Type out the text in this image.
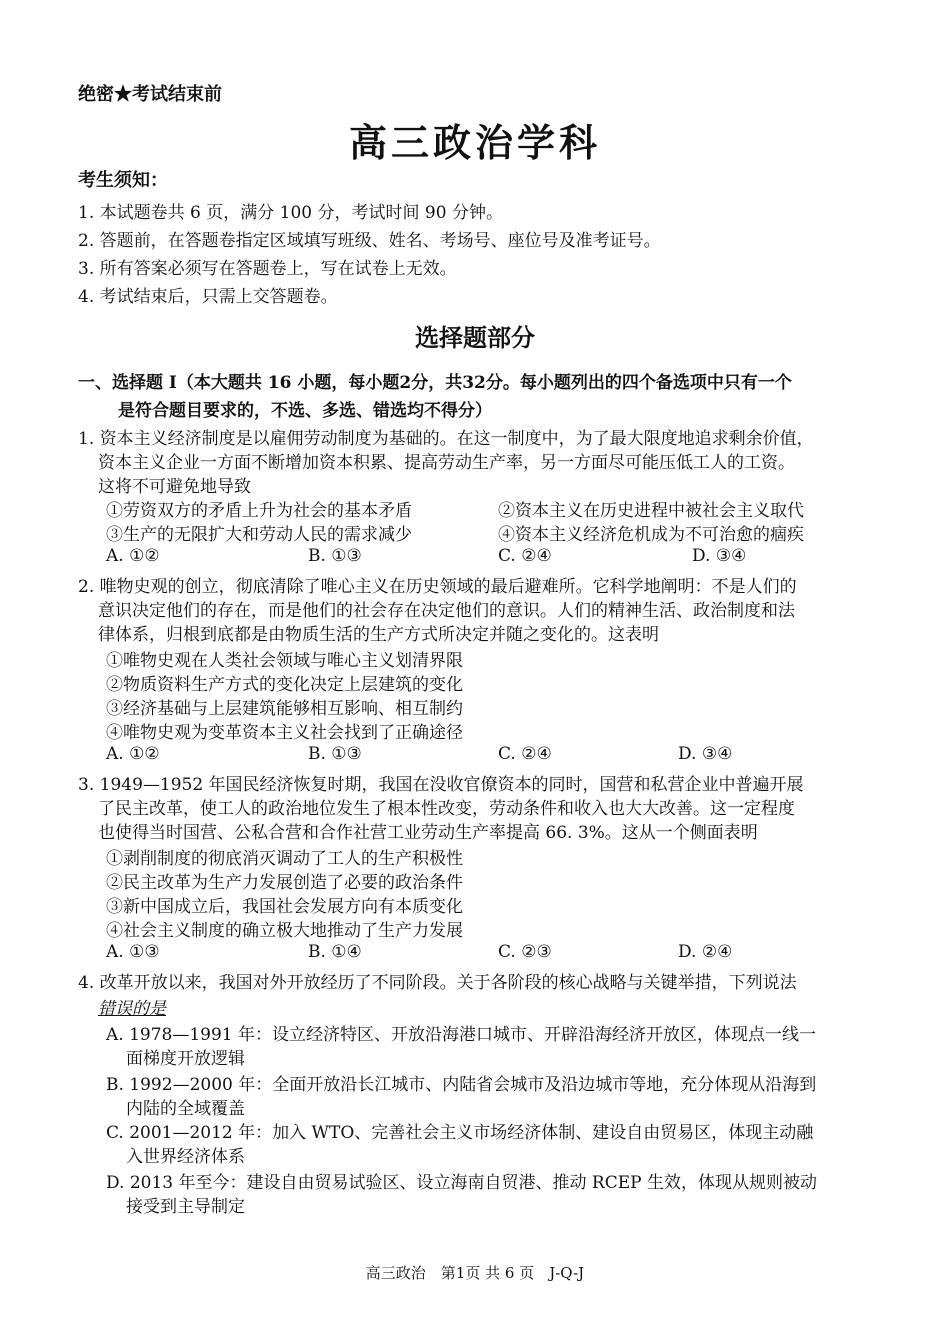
绝密★考试结束前
高三政治学科
考生须知：
1. 本试题卷共 6 页，满分 100 分，考试时间 90 分钟。
2. 答题前，在答题卷指定区域填写班级、姓名、考场号、座位号及准考证号。
3. 所有答案必须写在答题卷上，写在试卷上无效。
4. 考试结束后，只需上交答题卷。
选择题部分
一、选择题 I（本大题共 16 小题，每小题2分，共32分。每小题列出的四个备选项中只有一个
是符合题目要求的，不选、多选、错选均不得分）
1. 资本主义经济制度是以雇佣劳动制度为基础的。在这一制度中，为了最大限度地追求剩余价值，
资本主义企业一方面不断增加资本积累、提高劳动生产率，另一方面尽可能压低工人的工资。
这将不可避免地导致
①劳资双方的矛盾上升为社会的基本矛盾	②资本主义在历史进程中被社会主义取代
③生产的无限扩大和劳动人民的需求减少	④资本主义经济危机成为不可治愈的痼疾
A. ①②	B. ①③	C. ②④	D. ③④
2. 唯物史观的创立，彻底清除了唯心主义在历史领域的最后避难所。它科学地阐明：不是人们的
意识决定他们的存在，而是他们的社会存在决定他们的意识。人们的精神生活、政治制度和法
律体系，归根到底都是由物质生活的生产方式所决定并随之变化的。这表明
①唯物史观在人类社会领域与唯心主义划清界限
②物质资料生产方式的变化决定上层建筑的变化
③经济基础与上层建筑能够相互影响、相互制约
④唯物史观为变革资本主义社会找到了正确途径
A. ①②	B. ①③	C. ②④	D. ③④
3. 1949—1952 年国民经济恢复时期，我国在没收官僚资本的同时，国营和私营企业中普遍开展
了民主改革，使工人的政治地位发生了根本性改变，劳动条件和收入也大大改善。这一定程度
也使得当时国营、公私合营和合作社营工业劳动生产率提高 66. 3%。这从一个侧面表明
①剥削制度的彻底消灭调动了工人的生产积极性
②民主改革为生产力发展创造了必要的政治条件
③新中国成立后，我国社会发展方向有本质变化
④社会主义制度的确立极大地推动了生产力发展
A. ①③	B. ①④	C. ②③	D. ②④
4. 改革开放以来，我国对外开放经历了不同阶段。关于各阶段的核心战略与关键举措，下列说法
错误的是
A. 1978—1991 年：设立经济特区、开放沿海港口城市、开辟沿海经济开放区，体现点一线一
面梯度开放逻辑
B. 1992—2000 年：全面开放沿长江城市、内陆省会城市及沿边城市等地，充分体现从沿海到
内陆的全域覆盖
C. 2001—2012 年：加入 WTO、完善社会主义市场经济体制、建设自由贸易区，体现主动融
入世界经济体系
D. 2013 年至今：建设自由贸易试验区、设立海南自贸港、推动 RCEP 生效，体现从规则被动
接受到主导制定
高三政治　第1页 共 6 页　J-Q-J
